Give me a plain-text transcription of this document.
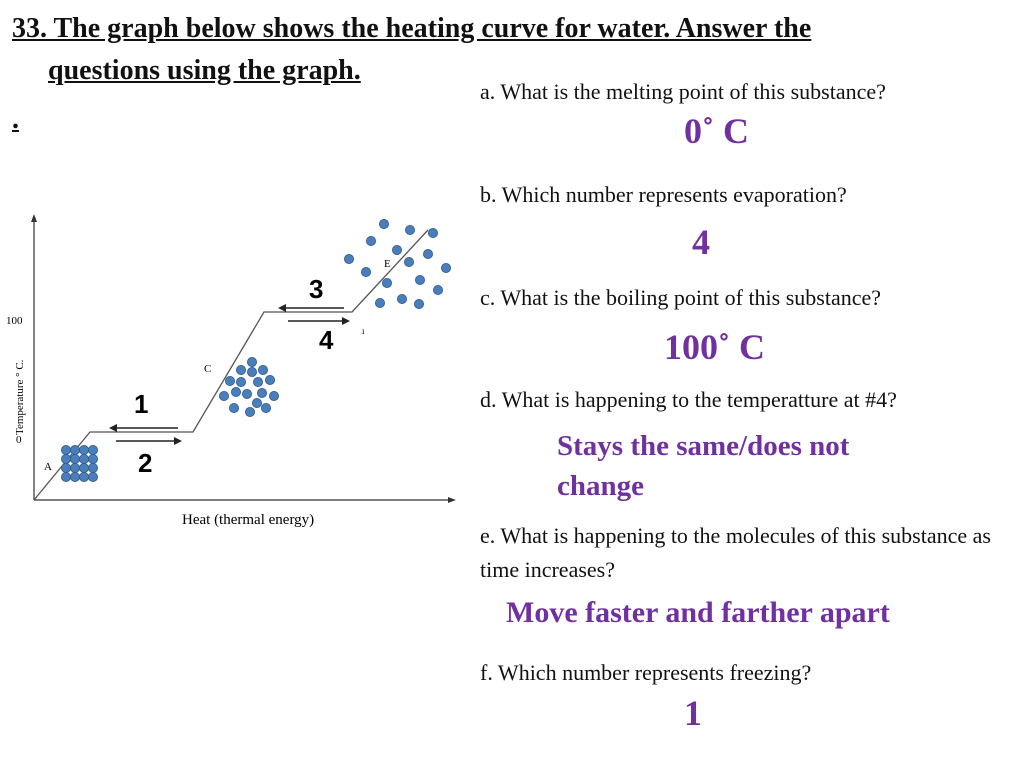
33. The graph below shows the heating curve for water. Answer the
questions using the graph.
.
100
0
Temperature ° C.
Heat (thermal energy)
A
C
E
ı
3
4
1
2
a. What is the melting point of this substance?
0˚ C
b. Which number represents evaporation?
4
c. What is the boiling point of this substance?
100˚ C
d. What is happening to the temperatture at #4?
Stays the same/does not
change
e. What is happening to the molecules of this substance as time increases?
Move faster and farther apart
f. Which number represents freezing?
1
